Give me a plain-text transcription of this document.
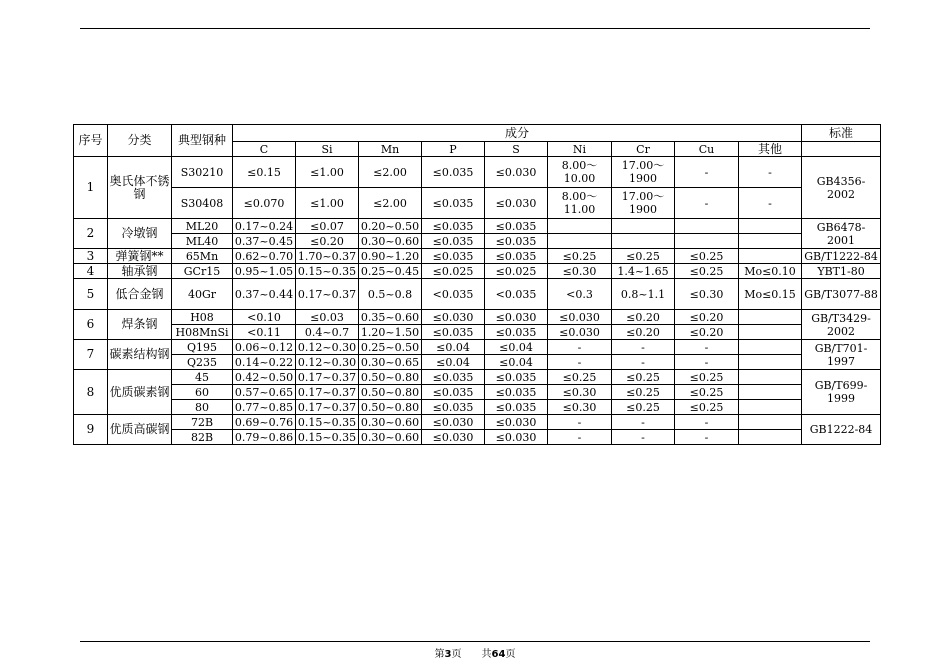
序号	分类	典型钢种	成分									标准
			C	Si	Mn	P	S	Ni	Cr	Cu	其他	
1	奥氏体不锈钢	S30210	≤0.15	≤1.00	≤2.00	≤0.035	≤0.030	8.00～10.00	17.00～1900	-	-	GB4356-2002
		S30408	≤0.070	≤1.00	≤2.00	≤0.035	≤0.030	8.00～11.00	17.00～1900	-	-	
2	冷墩钢	ML20	0.17~0.24	≤0.07	0.20~0.50	≤0.035	≤0.035					GB6478-2001
		ML40	0.37~0.45	≤0.20	0.30~0.60	≤0.035	≤0.035					
3	弹簧钢**	65Mn	0.62~0.70	1.70~0.37	0.90~1.20	≤0.035	≤0.035	≤0.25	≤0.25	≤0.25		GB/T1222-84
4	轴承钢	GCr15	0.95~1.05	0.15~0.35	0.25~0.45	≤0.025	≤0.025	≤0.30	1.4~1.65	≤0.25	Mo≤0.10	YBT1-80
5	低合金钢	40Gr	0.37~0.44	0.17~0.37	0.5~0.8	<0.035	<0.035	<0.3	0.8~1.1	≤0.30	Mo≤0.15	GB/T3077-88
6	焊条钢	H08	<0.10	≤0.03	0.35~0.60	≤0.030	≤0.030	≤0.030	≤0.20	≤0.20		GB/T3429-2002
		H08MnSi	<0.11	0.4~0.7	1.20~1.50	≤0.035	≤0.035	≤0.030	≤0.20	≤0.20		
7	碳素结构钢	Q195	0.06~0.12	0.12~0.30	0.25~0.50	≤0.04	≤0.04	-	-	-		GB/T701-1997
		Q235	0.14~0.22	0.12~0.30	0.30~0.65	≤0.04	≤0.04	-	-	-		
8	优质碳素钢	45	0.42~0.50	0.17~0.37	0.50~0.80	≤0.035	≤0.035	≤0.25	≤0.25	≤0.25		GB/T699-1999
		60	0.57~0.65	0.17~0.37	0.50~0.80	≤0.035	≤0.035	≤0.30	≤0.25	≤0.25		
		80	0.77~0.85	0.17~0.37	0.50~0.80	≤0.035	≤0.035	≤0.30	≤0.25	≤0.25		
9	优质高碳钢	72B	0.69~0.76	0.15~0.35	0.30~0.60	≤0.030	≤0.030	-	-	-		GB1222-84
		82B	0.79~0.86	0.15~0.35	0.30~0.60	≤0.030	≤0.030	-	-	-		
第3页　　共64页
